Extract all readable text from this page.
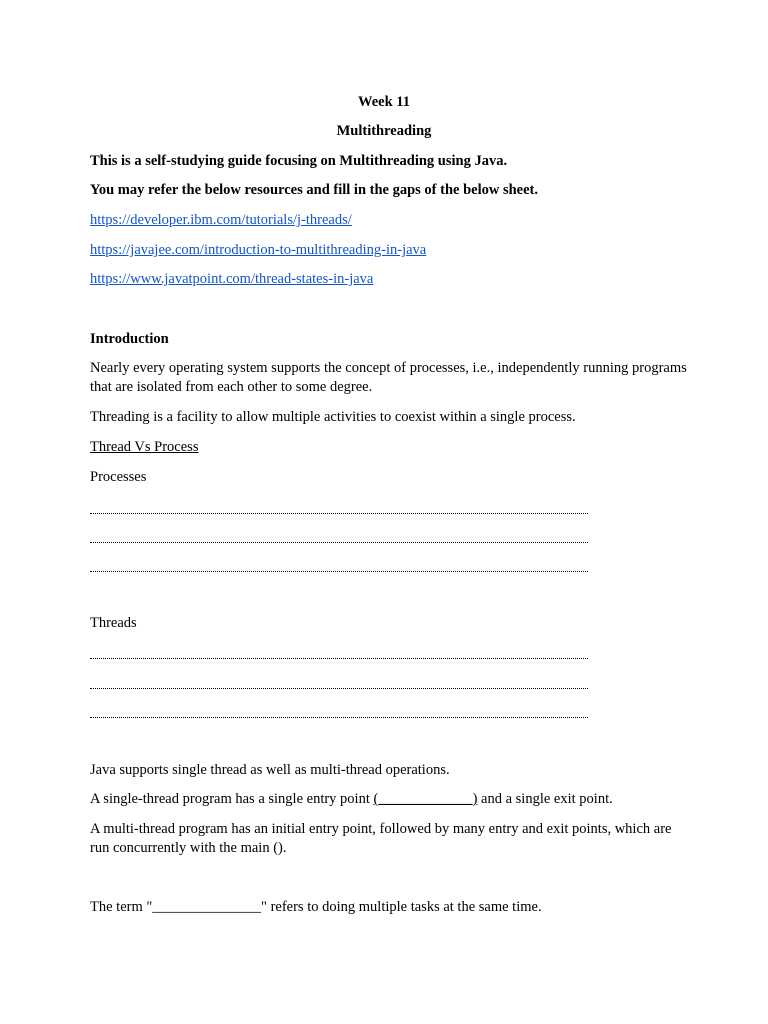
Week 11
Multithreading
This is a self-studying guide focusing on Multithreading using Java.
You may refer the below resources and fill in the gaps of the below sheet.
https://developer.ibm.com/tutorials/j-threads/
https://javajee.com/introduction-to-multithreading-in-java
https://www.javatpoint.com/thread-states-in-java
Introduction
Nearly every operating system supports the concept of processes, i.e., independently running programs that are isolated from each other to some degree.
Threading is a facility to allow multiple activities to coexist within a single process.
Thread Vs Process
Processes
Threads
Java supports single thread as well as multi-thread operations.
A single-thread program has a single entry point (_____________) and a single exit point.
A multi-thread program has an initial entry point, followed by many entry and exit points, which are run concurrently with the main ().
The term "_______________" refers to doing multiple tasks at the same time.
